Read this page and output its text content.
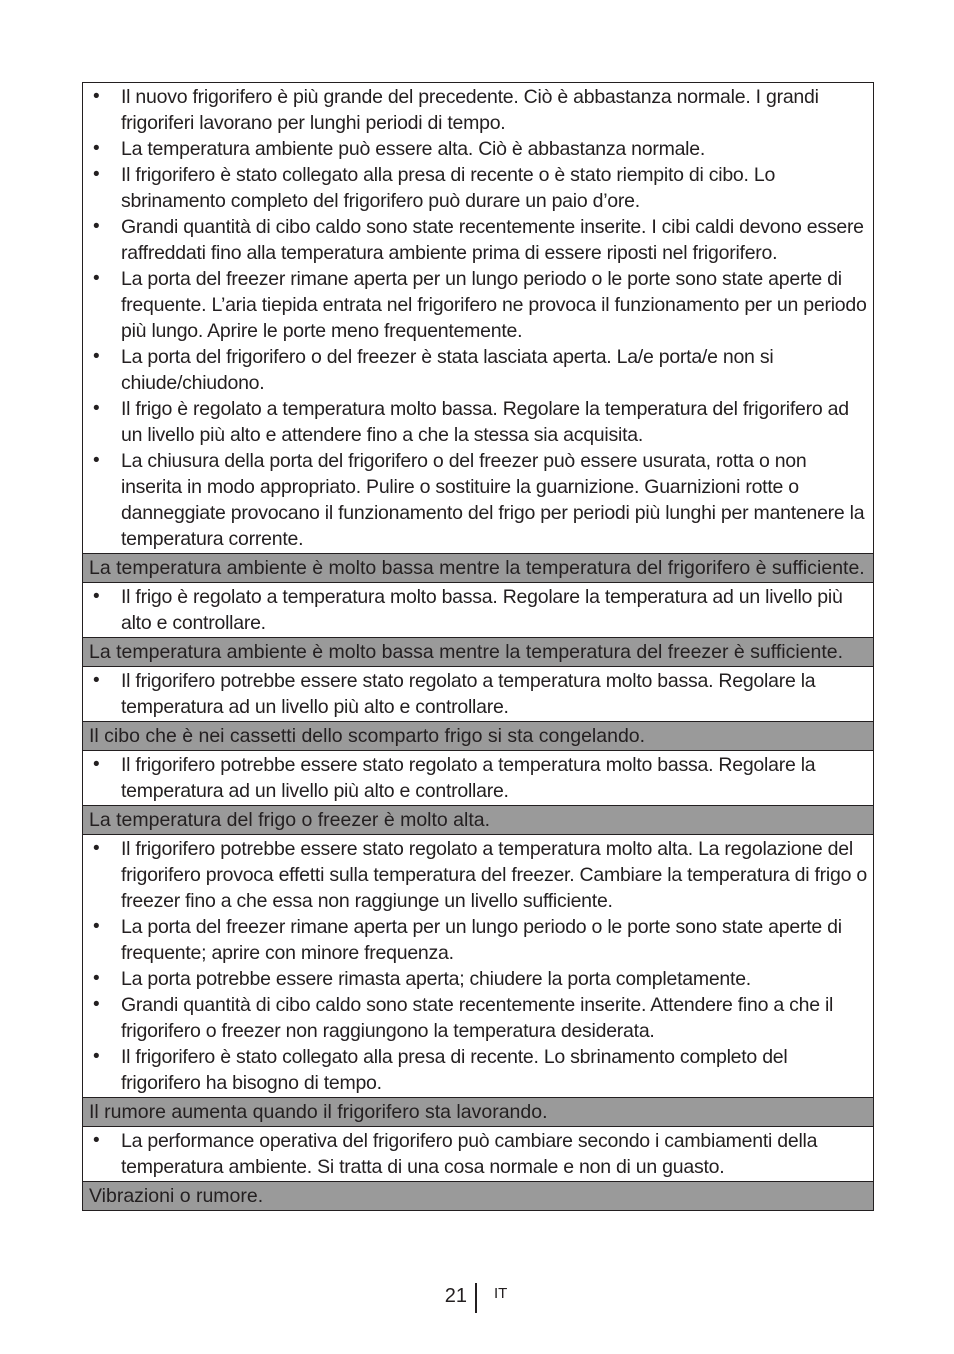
• Il nuovo frigorifero è più grande del precedente. Ciò è abbastanza normale. I grandi frigoriferi lavorano per lunghi periodi di tempo.
• La temperatura ambiente può essere alta. Ciò è abbastanza normale.
• Il frigorifero è stato collegato alla presa di recente o è stato riempito di cibo. Lo sbrinamento completo del frigorifero può durare un paio d’ore.
• Grandi quantità di cibo caldo sono state recentemente inserite. I cibi caldi devono essere raffreddati fino alla temperatura ambiente prima di essere riposti nel frigorifero.
• La porta del freezer rimane aperta per un lungo periodo o le porte sono state aperte di frequente. L’aria tiepida entrata nel frigorifero ne provoca il funzionamento per un periodo più lungo. Aprire le porte meno frequentemente.
• La porta del frigorifero o del freezer è stata lasciata aperta. La/e porta/e non si chiude/chiudono.
• Il frigo è regolato a temperatura molto bassa. Regolare la temperatura del frigorifero ad un livello più alto e attendere fino a che la stessa sia acquisita.
• La chiusura della porta del frigorifero o del freezer può essere usurata, rotta o non inserita in modo appropriato. Pulire o sostituire la guarnizione. Guarnizioni rotte o danneggiate provocano il funzionamento del frigo per periodi più lunghi per mantenere la temperatura corrente.
La temperatura ambiente è molto bassa mentre la temperatura del frigorifero è sufficiente.
• Il frigo è regolato a temperatura molto bassa. Regolare la temperatura ad un livello più alto e controllare.
La temperatura ambiente è molto bassa mentre la temperatura del freezer è sufficiente.
• Il frigorifero potrebbe essere stato regolato a temperatura molto bassa. Regolare la temperatura ad un livello più alto e controllare.
Il cibo che è nei cassetti dello scomparto frigo si sta congelando.
• Il frigorifero potrebbe essere stato regolato a temperatura molto bassa. Regolare la temperatura ad un livello più alto e controllare.
La temperatura del frigo o freezer è molto alta.
• Il frigorifero potrebbe essere stato regolato a temperatura molto alta. La regolazione del frigorifero provoca effetti sulla temperatura del freezer. Cambiare la temperatura di frigo o freezer fino a che essa non raggiunge un livello sufficiente.
• La porta del freezer rimane aperta per un lungo periodo o le porte sono state aperte di frequente; aprire con minore frequenza.
• La porta potrebbe essere rimasta aperta; chiudere la porta completamente.
• Grandi quantità di cibo caldo sono state recentemente inserite. Attendere fino a che il frigorifero o freezer non raggiungono la temperatura desiderata.
• Il frigorifero è stato collegato alla presa di recente. Lo sbrinamento completo del frigorifero ha bisogno di tempo.
Il rumore aumenta quando il frigorifero sta lavorando.
• La performance operativa del frigorifero può cambiare secondo i cambiamenti della temperatura ambiente. Si tratta di una cosa normale e non di un guasto.
Vibrazioni o rumore.
21 IT
